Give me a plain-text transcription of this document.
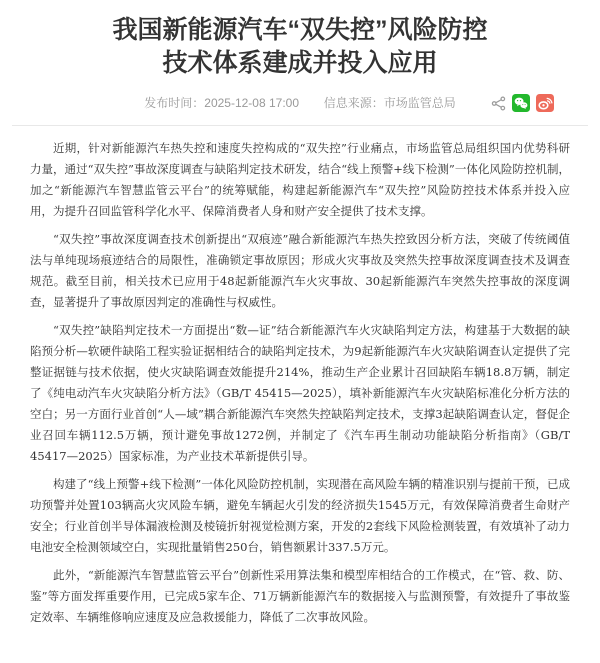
我国新能源汽车“双失控”风险防控
技术体系建成并投入应用
发布时间：2025-12-08 17:00 信息来源：市场监管总局

近期，针对新能源汽车热失控和速度失控构成的“双失控”行业痛点，市场监管总局组织国内优势科研力量，通过“双失控”事故深度调查与缺陷判定技术研发，结合“线上预警+线下检测”一体化风险防控机制，加之“新能源汽车智慧监管云平台”的统筹赋能，构建起新能源汽车“双失控”风险防控技术体系并投入应用，为提升召回监管科学化水平、保障消费者人身和财产安全提供了技术支撑。

“双失控”事故深度调查技术创新提出“双痕迹”融合新能源汽车热失控致因分析方法，突破了传统阈值法与单纯现场痕迹结合的局限性，准确锁定事故原因；形成火灾事故及突然失控事故深度调查技术及调查规范。截至目前，相关技术已应用于48起新能源汽车火灾事故、30起新能源汽车突然失控事故的深度调查，显著提升了事故原因判定的准确性与权威性。

“双失控”缺陷判定技术一方面提出“数—证”结合新能源汽车火灾缺陷判定方法，构建基于大数据的缺陷预分析—软硬件缺陷工程实验证据相结合的缺陷判定技术，为9起新能源汽车火灾缺陷调查认定提供了完整证据链与技术依据，使火灾缺陷调查效能提升214%，推动生产企业累计召回缺陷车辆18.8万辆，制定了《纯电动汽车火灾缺陷分析方法》（GB/T 45415—2025），填补新能源汽车火灾缺陷标准化分析方法的空白；另一方面行业首创“人—域”耦合新能源汽车突然失控缺陷判定技术，支撑3起缺陷调查认定，督促企业召回车辆112.5万辆，预计避免事故1272例，并制定了《汽车再生制动功能缺陷分析指南》（GB/T 45417—2025）国家标准，为产业技术革新提供引导。

构建了“线上预警+线下检测”一体化风险防控机制，实现潜在高风险车辆的精准识别与提前干预，已成功预警并处置103辆高火灾风险车辆，避免车辆起火引发的经济损失1545万元，有效保障消费者生命财产安全；行业首创半导体漏液检测及棱镜折射视觉检测方案，开发的2套线下风险检测装置，有效填补了动力电池安全检测领域空白，实现批量销售250台，销售额累计337.5万元。

此外，“新能源汽车智慧监管云平台”创新性采用算法集和模型库相结合的工作模式，在“管、救、防、鉴”等方面发挥重要作用，已完成5家车企、71万辆新能源汽车的数据接入与监测预警，有效提升了事故鉴定效率、车辆维修响应速度及应急救援能力，降低了二次事故风险。
